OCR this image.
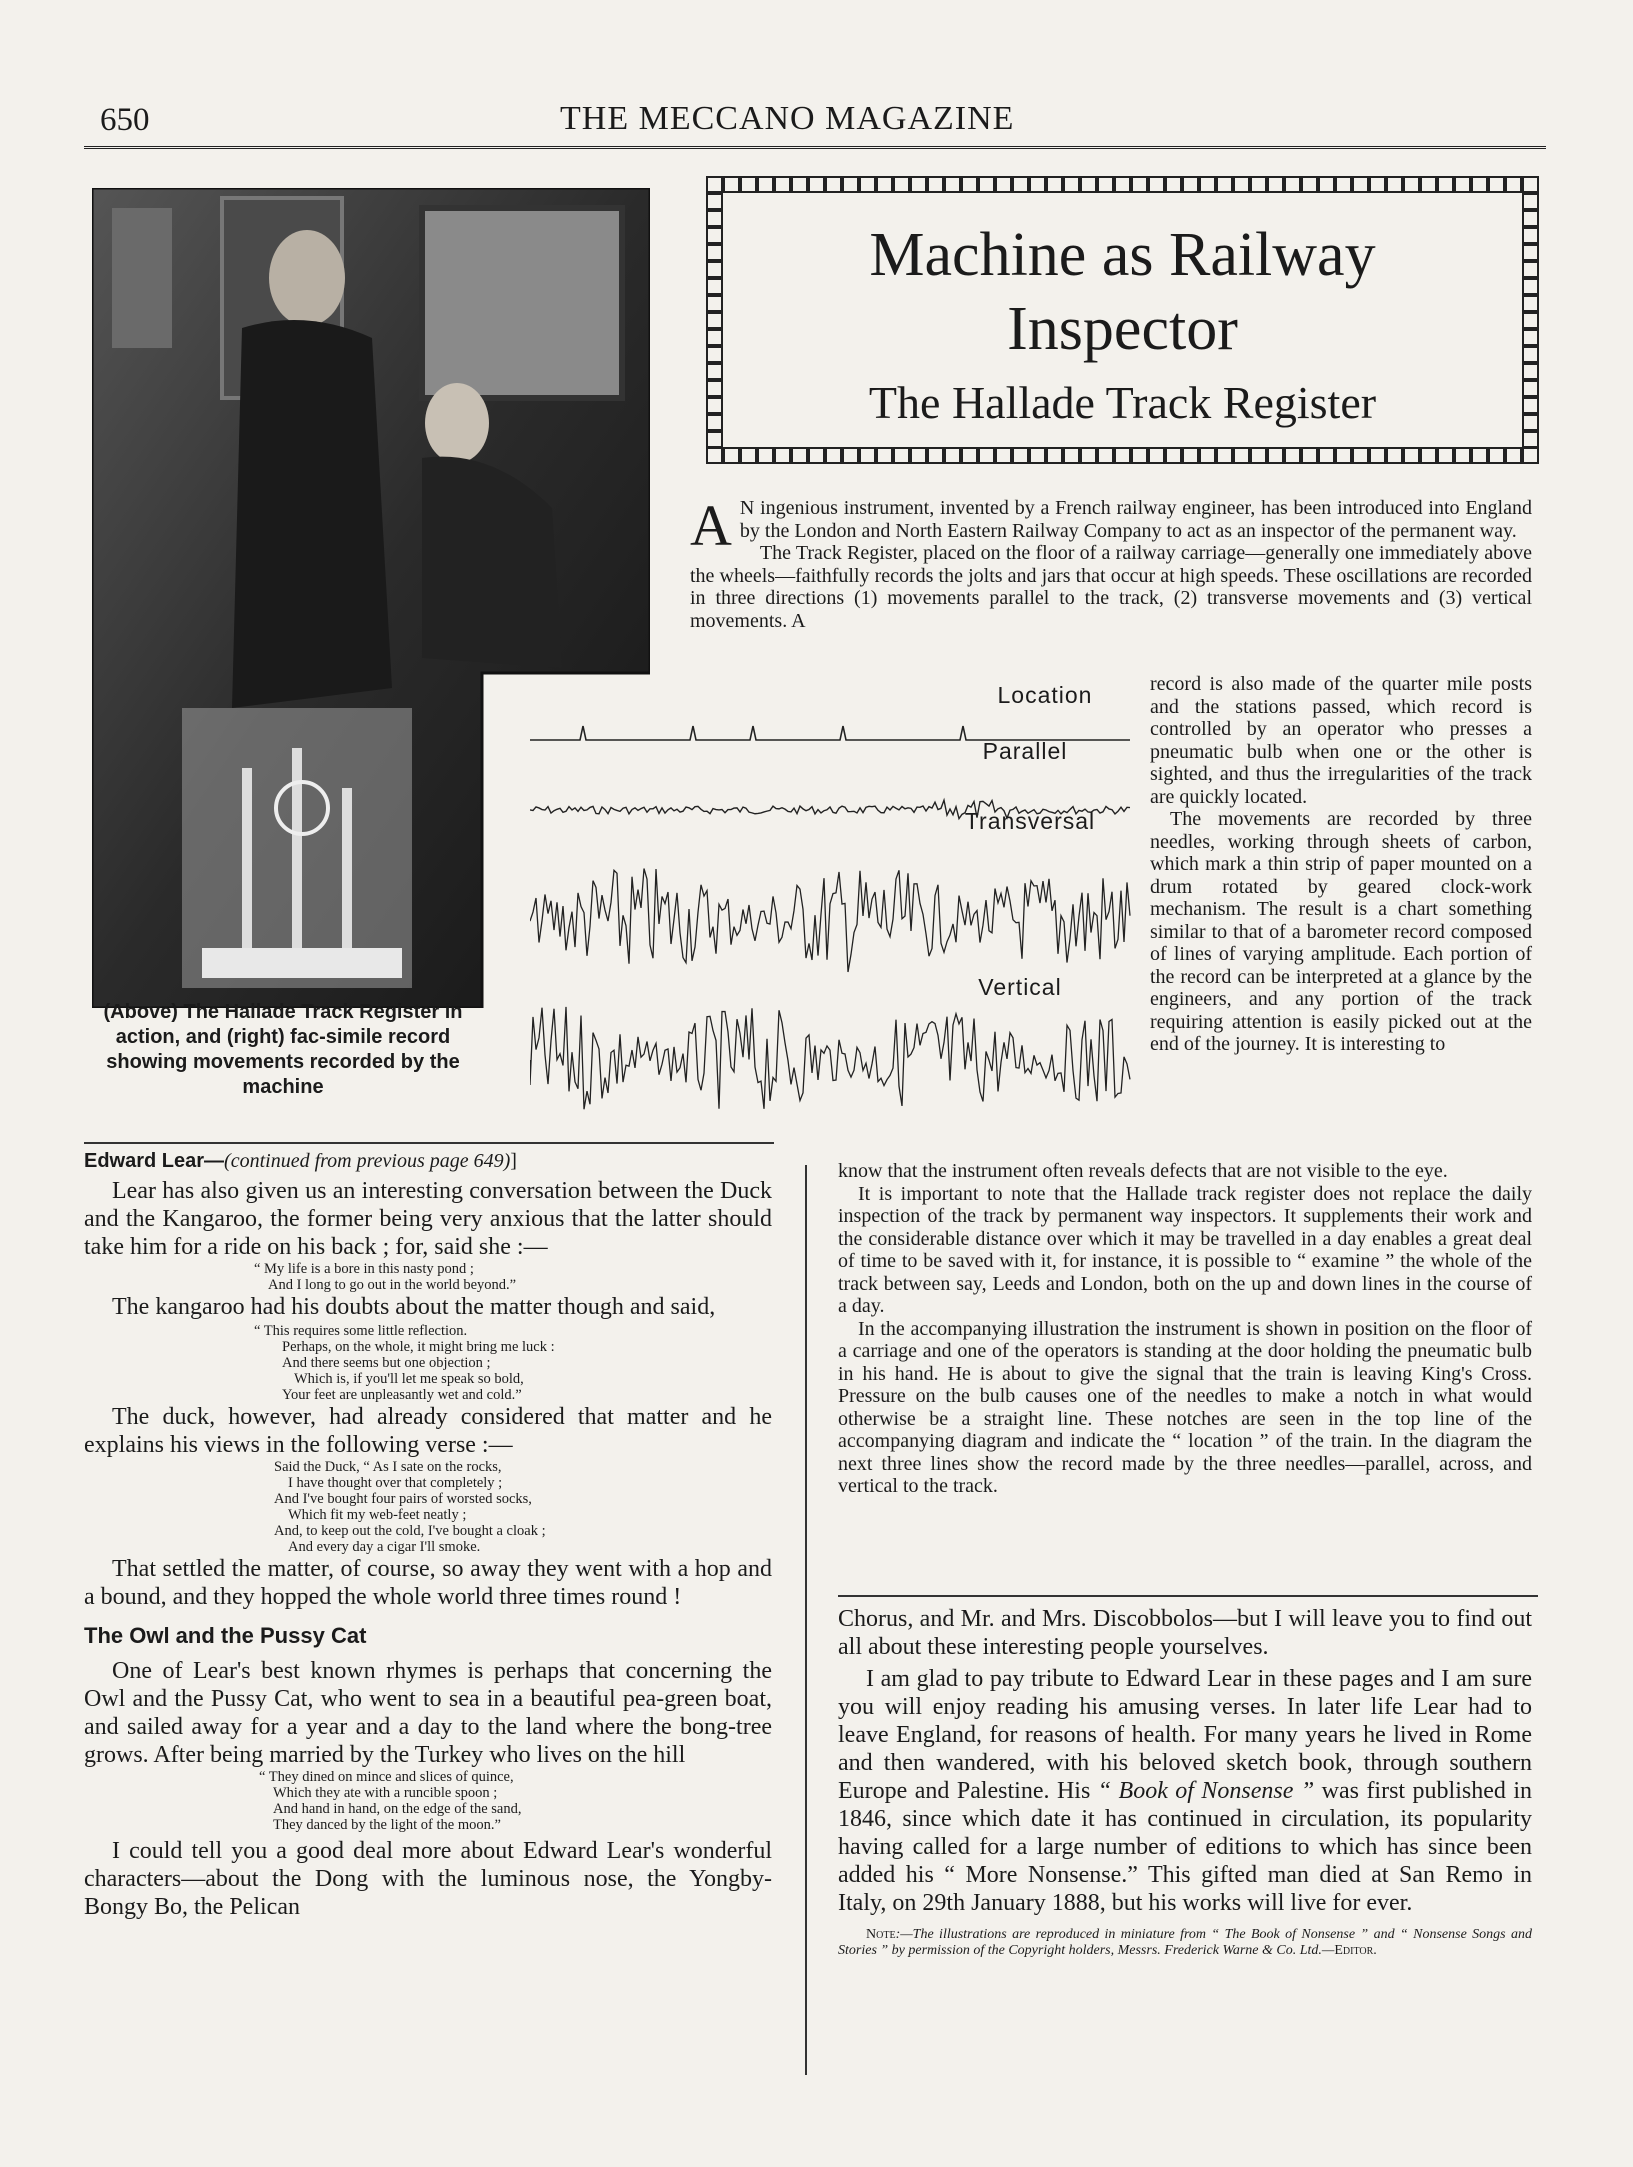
650	THE MECCANO MAGAZINE
(Above) The Hallade Track Register in action, and (right) fac-simile record showing movements recorded by the machine
Machine as Railway
Inspector
The Hallade Track Register
A N ingenious instrument, invented by a French railway engineer, has been introduced into England by the London and North Eastern Railway Company to act as an inspector of the permanent way.
The Track Register, placed on the floor of a railway carriage—generally one immediately above the wheels—faithfully records the jolts and jars that occur at high speeds. These oscillations are recorded in three directions (1) movements parallel to the track, (2) transverse movements and (3) vertical movements. A
Location
Parallel
Transversal
Vertical
record is also made of the quarter mile posts and the stations passed, which record is controlled by an operator who presses a pneumatic bulb when one or the other is sighted, and thus the irregularities of the track are quickly located.
The movements are recorded by three needles, working through sheets of carbon, which mark a thin strip of paper mounted on a drum rotated by geared clock-work mechanism. The result is a chart something similar to that of a barometer record composed of lines of varying amplitude. Each portion of the record can be interpreted at a glance by the engineers, and any portion of the track requiring attention is easily picked out at the end of the journey. It is interesting to
know that the instrument often reveals defects that are not visible to the eye.
It is important to note that the Hallade track register does not replace the daily inspection of the track by permanent way inspectors. It supplements their work and the considerable distance over which it may be travelled in a day enables a great deal of time to be saved with it, for instance, it is possible to “ examine ” the whole of the track between say, Leeds and London, both on the up and down lines in the course of a day.
In the accompanying illustration the instrument is shown in position on the floor of a carriage and one of the operators is standing at the door holding the pneumatic bulb in his hand. He is about to give the signal that the train is leaving King's Cross. Pressure on the bulb causes one of the needles to make a notch in what would otherwise be a straight line. These notches are seen in the top line of the accompanying diagram and indicate the “ location ” of the train. In the diagram the next three lines show the record made by the three needles—parallel, across, and vertical to the track.
Edward Lear—(continued from previous page 649)]
Lear has also given us an interesting conversation between the Duck and the Kangaroo, the former being very anxious that the latter should take him for a ride on his back ; for, said she :—
“ My life is a bore in this nasty pond ;
And I long to go out in the world beyond.”
The kangaroo had his doubts about the matter though and said,
“ This requires some little reflection.
Perhaps, on the whole, it might bring me luck :
And there seems but one objection ;
Which is, if you'll let me speak so bold,
Your feet are unpleasantly wet and cold.”
The duck, however, had already considered that matter and he explains his views in the following verse :—
Said the Duck, “ As I sate on the rocks,
I have thought over that completely ;
And I've bought four pairs of worsted socks,
Which fit my web-feet neatly ;
And, to keep out the cold, I've bought a cloak ;
And every day a cigar I'll smoke.
That settled the matter, of course, so away they went with a hop and a bound, and they hopped the whole world three times round !
The Owl and the Pussy Cat
One of Lear's best known rhymes is perhaps that concerning the Owl and the Pussy Cat, who went to sea in a beautiful pea-green boat, and sailed away for a year and a day to the land where the bong-tree grows. After being married by the Turkey who lives on the hill
“ They dined on mince and slices of quince,
Which they ate with a runcible spoon ;
And hand in hand, on the edge of the sand,
They danced by the light of the moon.”
I could tell you a good deal more about Edward Lear's wonderful characters—about the Dong with the luminous nose, the Yongby-Bongy Bo, the Pelican
Chorus, and Mr. and Mrs. Discobbolos—but I will leave you to find out all about these interesting people yourselves.
I am glad to pay tribute to Edward Lear in these pages and I am sure you will enjoy reading his amusing verses. In later life Lear had to leave England, for reasons of health. For many years he lived in Rome and then wandered, with his beloved sketch book, through southern Europe and Palestine. His “ Book of Nonsense ” was first published in 1846, since which date it has continued in circulation, its popularity having called for a large number of editions to which has since been added his “ More Nonsense.” This gifted man died at San Remo in Italy, on 29th January 1888, but his works will live for ever.
Note:—The illustrations are reproduced in miniature from “ The Book of Nonsense ” and “ Nonsense Songs and Stories ” by permission of the Copyright holders, Messrs. Frederick Warne & Co. Ltd.—Editor.
